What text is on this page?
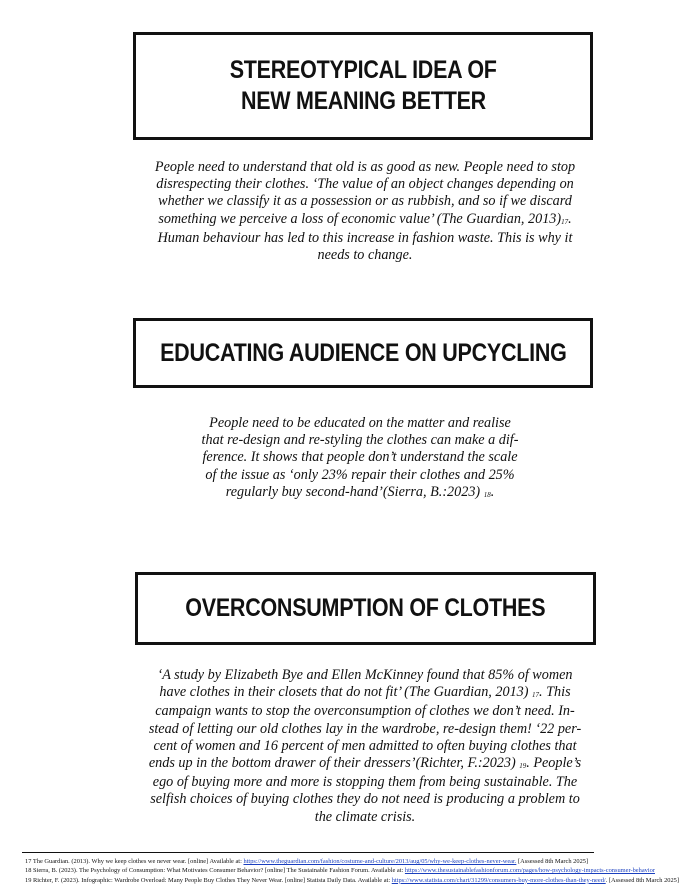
STEREOTYPICAL IDEA OF
NEW MEANING BETTER
People need to understand that old is as good as new. People need to stop
disrespecting their clothes. ‘The value of an object changes depending on
whether we classify it as a possession or as rubbish, and so if we discard
something we perceive a loss of economic value’ (The Guardian, $2013)_{17}$.
Human behaviour has led to this increase in fashion waste. This is why it
needs to change.
EDUCATING AUDIENCE ON UPCYCLING
People need to be educated on the matter and realise
that re-design and re-styling the clothes can make a dif-
ference. It shows that people don’t understand the scale
of the issue as ‘only 23% repair their clothes and 25%
regularly buy second-hand’(Sierra, B.:2023) $_{18}$.
OVERCONSUMPTION OF CLOTHES
‘A study by Elizabeth Bye and Ellen McKinney found that 85% of women
have clothes in their closets that do not fit’ (The Guardian, 2013) $_{17}$. This
campaign wants to stop the overconsumption of clothes we don’t need. In-
stead of letting our old clothes lay in the wardrobe, re-design them! ‘22 per-
cent of women and 16 percent of men admitted to often buying clothes that
ends up in the bottom drawer of their dressers’(Richter, F.:2023) $_{19}$. People’s
ego of buying more and more is stopping them from being sustainable. The
selfish choices of buying clothes they do not need is producing a problem to
the climate crisis.
17 The Guardian. (2013). Why we keep clothes we never wear. [online] Available at: https://www.theguardian.com/fashion/costume-and-culture/2013/aug/05/why-we-keep-clothes-never-wear. [Assessed 8th March 2025]
18 Sierra, B. (2023). The Psychology of Consumption: What Motivates Consumer Behavior? [online] The Sustainable Fashion Forum. Available at: https://www.thesustainablefashionforum.com/pages/how-psychology-impacts-consumer-behavior
19 Richter, F. (2023). Infographic: Wardrobe Overload: Many People Buy Clothes They Never Wear. [online] Statista Daily Data. Available at: https://www.statista.com/chart/31299/consumers-buy-more-clothes-than-they-need/. [Assessed 8th March 2025]
